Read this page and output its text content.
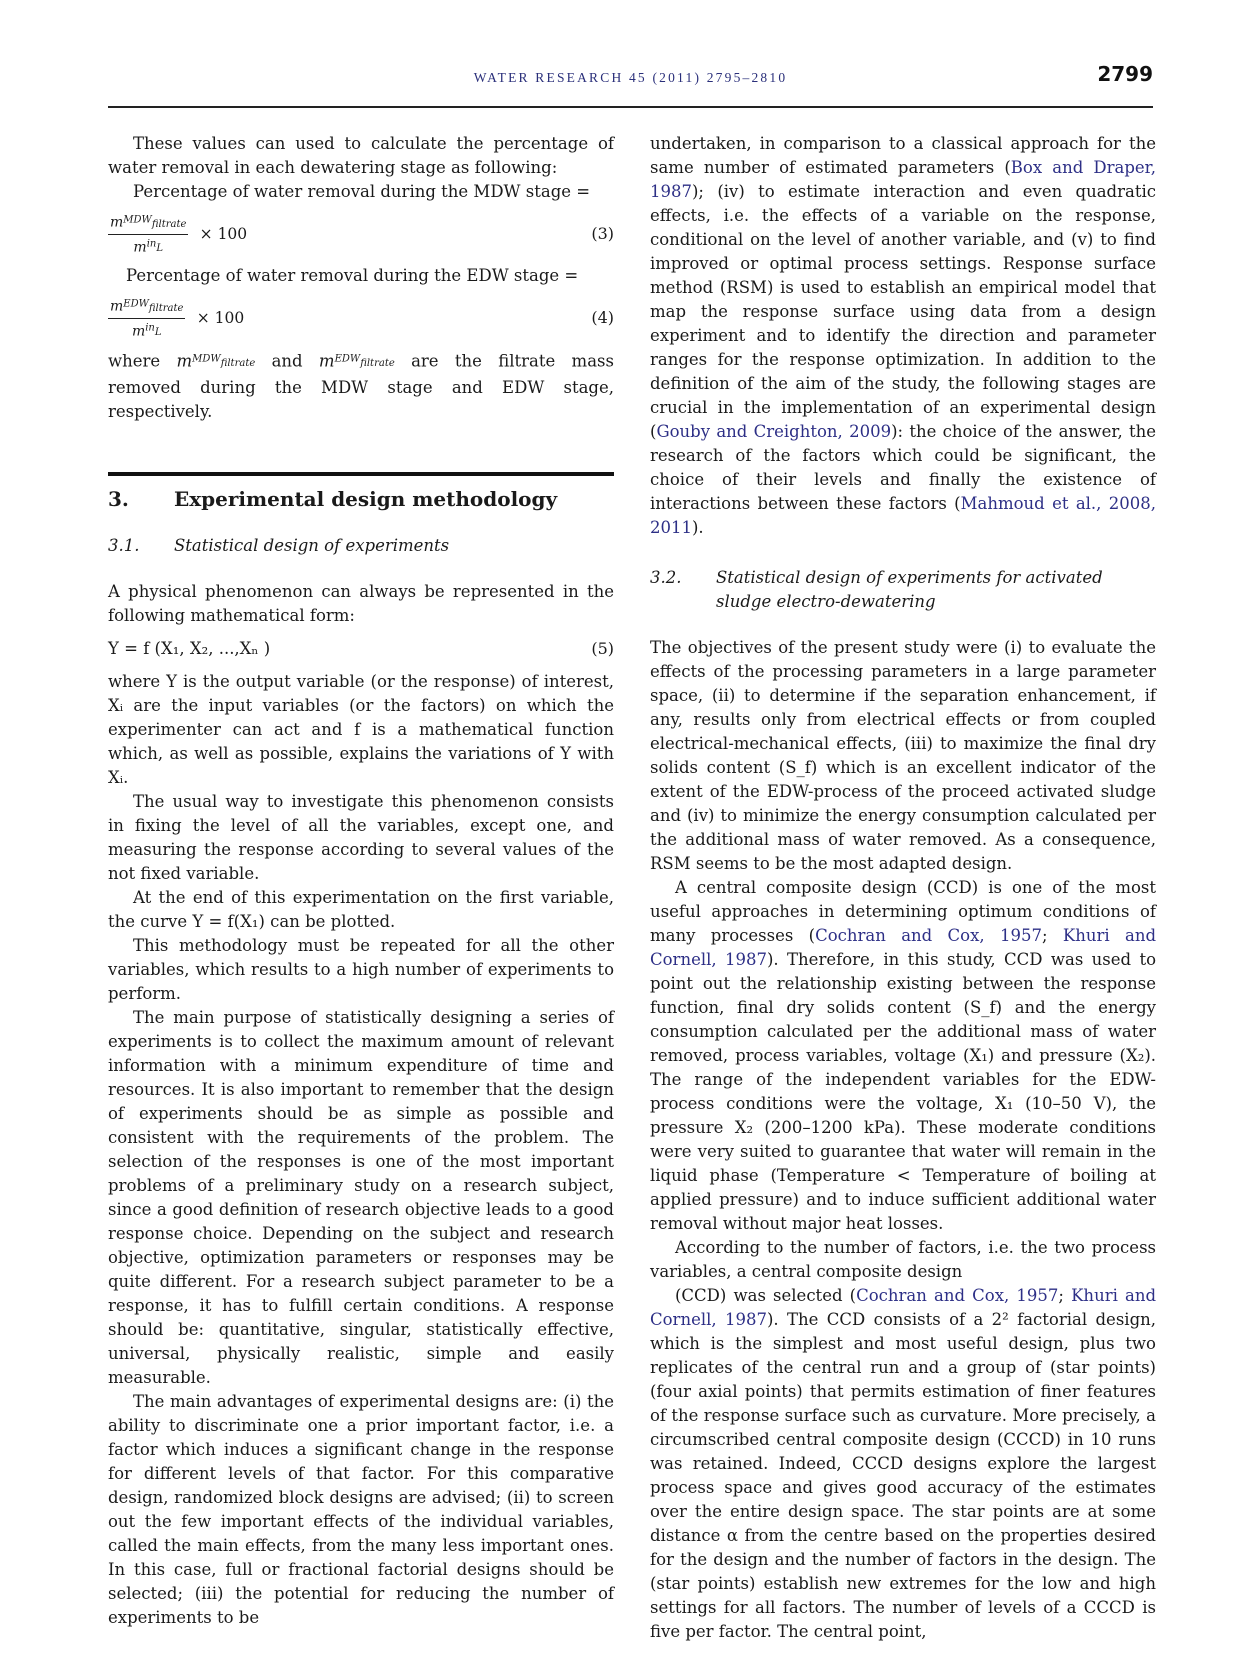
WATER RESEARCH 45 (2011) 2795–2810	2799

These values can used to calculate the percentage of water removal in each dewatering stage as following:

Percentage of water removal during the MDW stage =

$\frac{m^{MDW}filtrate}{m^{in}L} \times 100$	(3)

Percentage of water removal during the EDW stage =

$\frac{m^{EDW}filtrate}{m^{in}L} \times 100$	(4)

where $m^{MDW}filtrate$ and $m^{EDW}filtrate$ are the filtrate mass removed during the MDW stage and EDW stage, respectively.

3.	Experimental design methodology
3.1.	Statistical design of experiments

A physical phenomenon can always be represented in the following mathematical form:

Y = f (X₁, X₂, ...,Xₙ )	(5)

where Y is the output variable (or the response) of interest, Xᵢ are the input variables (or the factors) on which the experimenter can act and f is a mathematical function which, as well as possible, explains the variations of Y with Xᵢ.

The usual way to investigate this phenomenon consists in fixing the level of all the variables, except one, and measuring the response according to several values of the not fixed variable.

At the end of this experimentation on the first variable, the curve Y = f(X₁) can be plotted.

This methodology must be repeated for all the other variables, which results to a high number of experiments to perform.

The main purpose of statistically designing a series of experiments is to collect the maximum amount of relevant information with a minimum expenditure of time and resources. It is also important to remember that the design of experiments should be as simple as possible and consistent with the requirements of the problem. The selection of the responses is one of the most important problems of a preliminary study on a research subject, since a good definition of research objective leads to a good response choice. Depending on the subject and research objective, optimization parameters or responses may be quite different. For a research subject parameter to be a response, it has to fulfill certain conditions. A response should be: quantitative, singular, statistically effective, universal, physically realistic, simple and easily measurable.

The main advantages of experimental designs are: (i) the ability to discriminate one a prior important factor, i.e. a factor which induces a significant change in the response for different levels of that factor. For this comparative design, randomized block designs are advised; (ii) to screen out the few important effects of the individual variables, called the main effects, from the many less important ones. In this case, full or fractional factorial designs should be selected; (iii) the potential for reducing the number of experiments to be

undertaken, in comparison to a classical approach for the same number of estimated parameters (Box and Draper, 1987); (iv) to estimate interaction and even quadratic effects, i.e. the effects of a variable on the response, conditional on the level of another variable, and (v) to find improved or optimal process settings. Response surface method (RSM) is used to establish an empirical model that map the response surface using data from a design experiment and to identify the direction and parameter ranges for the response optimization. In addition to the definition of the aim of the study, the following stages are crucial in the implementation of an experimental design (Gouby and Creighton, 2009): the choice of the answer, the research of the factors which could be significant, the choice of their levels and finally the existence of interactions between these factors (Mahmoud et al., 2008, 2011).

3.2.	Statistical design of experiments for activated sludge electro-dewatering

The objectives of the present study were (i) to evaluate the effects of the processing parameters in a large parameter space, (ii) to determine if the separation enhancement, if any, results only from electrical effects or from coupled electrical-mechanical effects, (iii) to maximize the final dry solids content (S_f) which is an excellent indicator of the extent of the EDW-process of the proceed activated sludge and (iv) to minimize the energy consumption calculated per the additional mass of water removed. As a consequence, RSM seems to be the most adapted design.

A central composite design (CCD) is one of the most useful approaches in determining optimum conditions of many processes (Cochran and Cox, 1957; Khuri and Cornell, 1987). Therefore, in this study, CCD was used to point out the relationship existing between the response function, final dry solids content (S_f) and the energy consumption calculated per the additional mass of water removed, process variables, voltage (X₁) and pressure (X₂). The range of the independent variables for the EDW-process conditions were the voltage, X₁ (10–50 V), the pressure X₂ (200–1200 kPa). These moderate conditions were very suited to guarantee that water will remain in the liquid phase (Temperature < Temperature of boiling at applied pressure) and to induce sufficient additional water removal without major heat losses.

According to the number of factors, i.e. the two process variables, a central composite design

(CCD) was selected (Cochran and Cox, 1957; Khuri and Cornell, 1987). The CCD consists of a 2² factorial design, which is the simplest and most useful design, plus two replicates of the central run and a group of (star points) (four axial points) that permits estimation of finer features of the response surface such as curvature. More precisely, a circumscribed central composite design (CCCD) in 10 runs was retained. Indeed, CCCD designs explore the largest process space and gives good accuracy of the estimates over the entire design space. The star points are at some distance α from the centre based on the properties desired for the design and the number of factors in the design. The (star points) establish new extremes for the low and high settings for all factors. The number of levels of a CCCD is five per factor. The central point,
